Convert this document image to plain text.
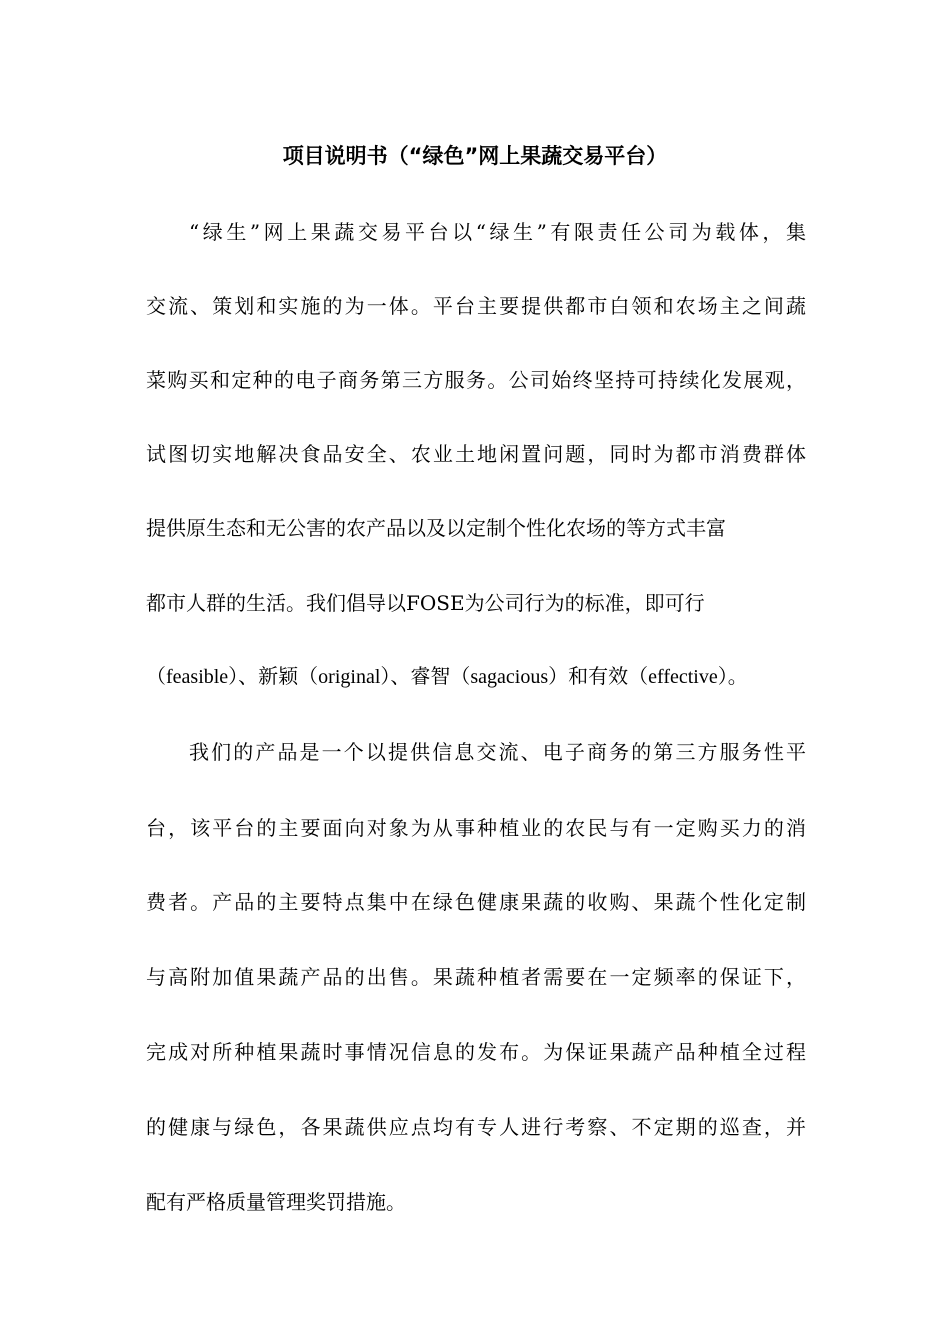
项目说明书（“绿色”网上果蔬交易平台）

“绿生”网上果蔬交易平台以“绿生”有限责任公司为载体，集

交流、策划和实施的为一体。平台主要提供都市白领和农场主之间蔬

菜购买和定种的电子商务第三方服务。公司始终坚持可持续化发展观，

试图切实地解决食品安全、农业土地闲置问题，同时为都市消费群体

提供原生态和无公害的农产品以及以定制个性化农场的等方式丰富

都市人群的生活。我们倡导以FOSE为公司行为的标准，即可行

（feasible）、新颖（original）、睿智（sagacious）和有效（effective）。

我们的产品是一个以提供信息交流、电子商务的第三方服务性平

台，该平台的主要面向对象为从事种植业的农民与有一定购买力的消

费者。产品的主要特点集中在绿色健康果蔬的收购、果蔬个性化定制

与高附加值果蔬产品的出售。果蔬种植者需要在一定频率的保证下，

完成对所种植果蔬时事情况信息的发布。为保证果蔬产品种植全过程

的健康与绿色，各果蔬供应点均有专人进行考察、不定期的巡查，并

配有严格质量管理奖罚措施。
